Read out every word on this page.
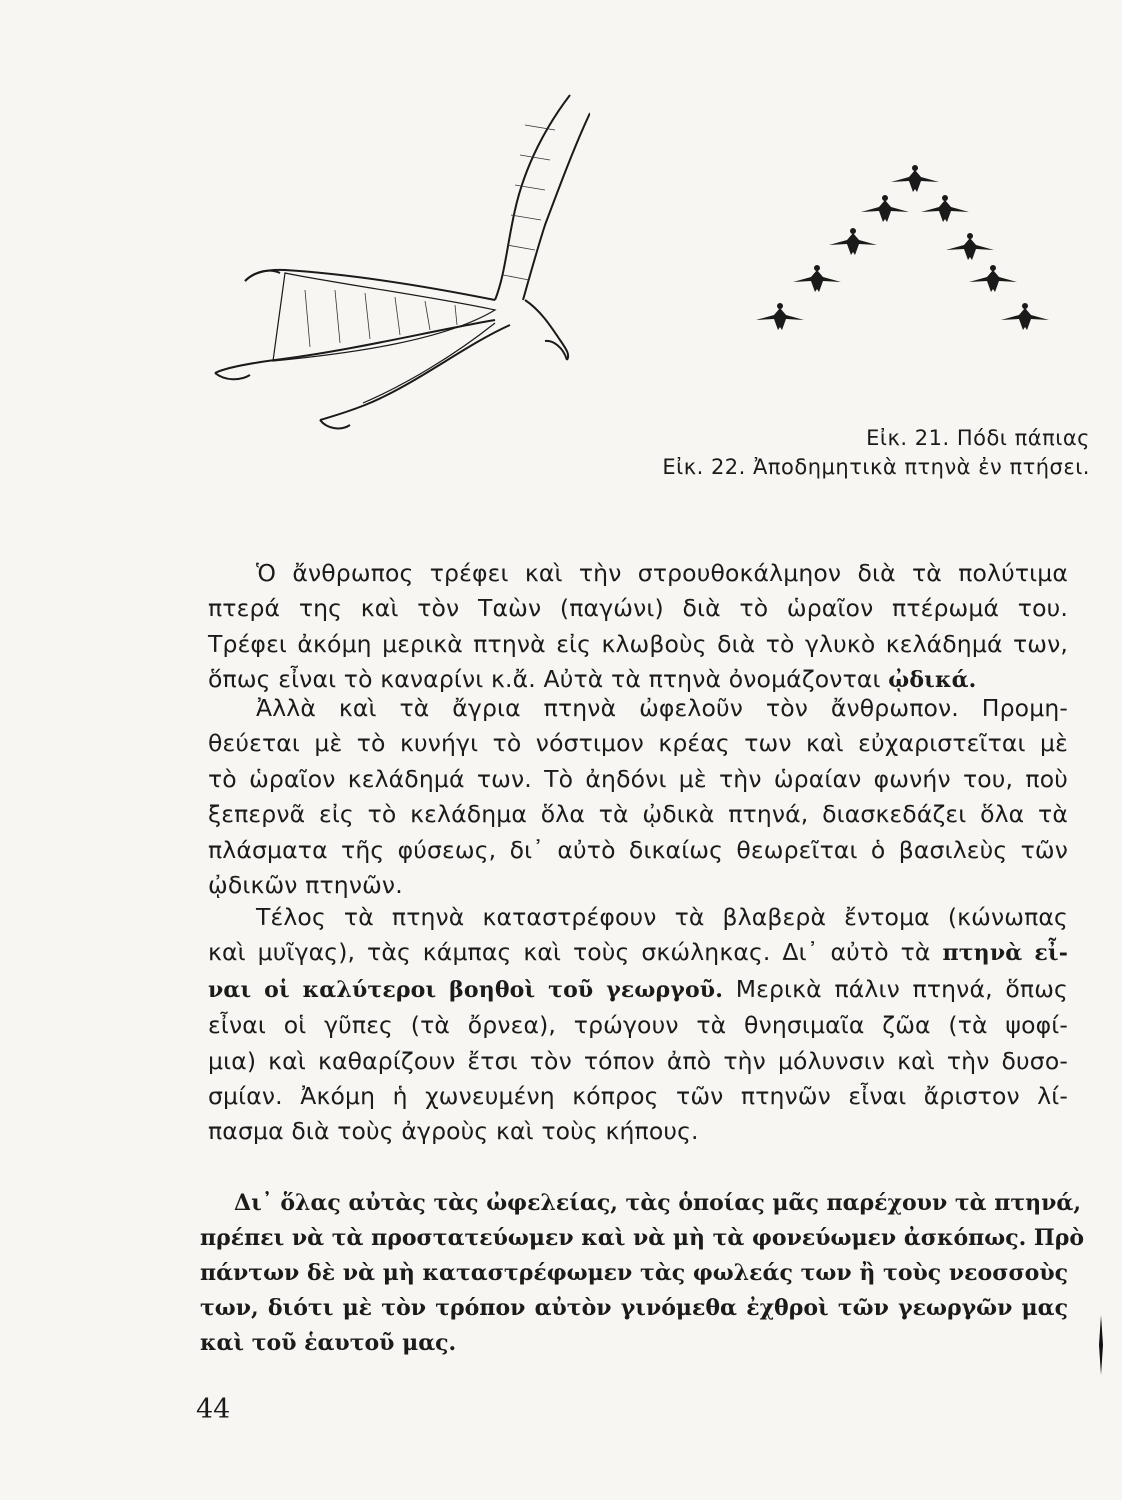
Εἰκ. 21. Πόδι πάπιας
Εἰκ. 22. Ἀποδημητικὰ πτηνὰ ἐν πτήσει.
Ὁ ἄνθρωπος τρέφει καὶ τὴν στρουθοκάλμηον διὰ τὰ πολύτιμα
πτερά της καὶ τὸν Ταὼν (παγώνι) διὰ τὸ ὡραῖον πτέρωμά του.
Τρέφει ἀκόμη μερικὰ πτηνὰ εἰς κλωβοὺς διὰ τὸ γλυκὸ κελάδημά των,
ὅπως εἶναι τὸ καναρίνι κ.ἄ. Αὐτὰ τὰ πτηνὰ ὀνομάζονται ᾠδικά.
Ἀλλὰ καὶ τὰ ἄγρια πτηνὰ ὠφελοῦν τὸν ἄνθρωπον. Προμη-
θεύεται μὲ τὸ κυνήγι τὸ νόστιμον κρέας των καὶ εὐχαριστεῖται μὲ
τὸ ὡραῖον κελάδημά των. Τὸ ἀηδόνι μὲ τὴν ὡραίαν φωνήν του, ποὺ
ξεπερνᾶ εἰς τὸ κελάδημα ὅλα τὰ ᾠδικὰ πτηνά, διασκεδάζει ὅλα τὰ
πλάσματα τῆς φύσεως, δι᾿ αὐτὸ δικαίως θεωρεῖται ὁ βασιλεὺς τῶν
ᾠδικῶν πτηνῶν.
Τέλος τὰ πτηνὰ καταστρέφουν τὰ βλαβερὰ ἔντομα (κώνωπας
καὶ μυῖγας), τὰς κάμπας καὶ τοὺς σκώληκας. Δι᾿ αὐτὸ τὰ πτηνὰ εἶ-
ναι οἱ καλύτεροι βοηθοὶ τοῦ γεωργοῦ. Μερικὰ πάλιν πτηνά, ὅπως
εἶναι οἱ γῦπες (τὰ ὄρνεα), τρώγουν τὰ θνησιμαῖα ζῶα (τὰ ψοφί-
μια) καὶ καθαρίζουν ἔτσι τὸν τόπον ἀπὸ τὴν μόλυνσιν καὶ τὴν δυσο-
σμίαν. Ἀκόμη ἡ χωνευμένη κόπρος τῶν πτηνῶν εἶναι ἄριστον λί-
πασμα διὰ τοὺς ἀγροὺς καὶ τοὺς κήπους.
Δι᾿ ὅλας αὐτὰς τὰς ὠφελείας, τὰς ὁποίας μᾶς παρέχουν τὰ πτηνά,
πρέπει νὰ τὰ προστατεύωμεν καὶ νὰ μὴ τὰ φονεύωμεν ἀσκόπως. Πρὸ
πάντων δὲ νὰ μὴ καταστρέφωμεν τὰς φωλεάς των ἢ τοὺς νεοσσοὺς
των, διότι μὲ τὸν τρόπον αὐτὸν γινόμεθα ἐχθροὶ τῶν γεωργῶν μας
καὶ τοῦ ἑαυτοῦ μας.
44
